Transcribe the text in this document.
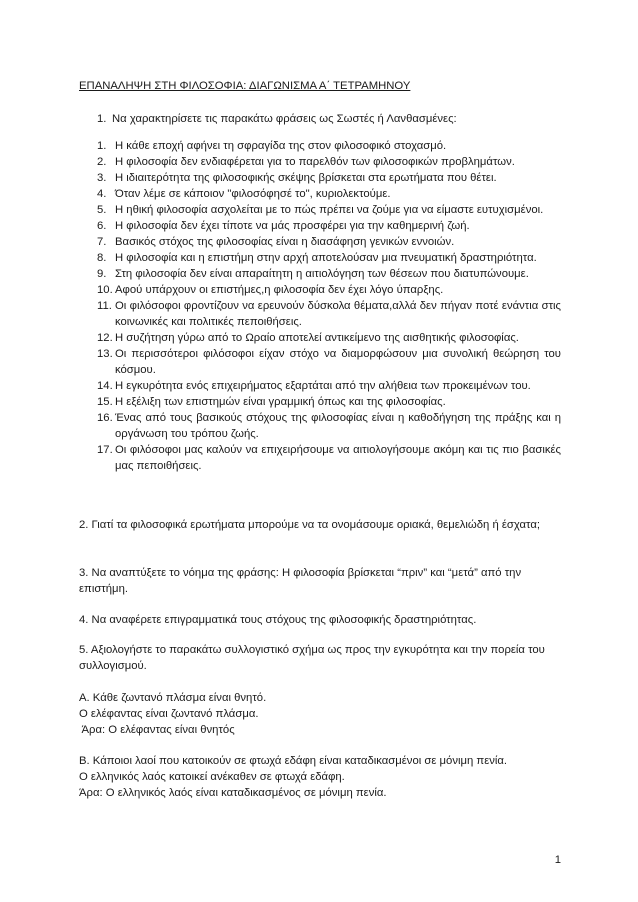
ΕΠΑΝΑΛΗΨΗ ΣΤΗ ΦΙΛΟΣΟΦΙΑ: ΔΙΑΓΩΝΙΣΜΑ Α΄ ΤΕΤΡΑΜΗΝΟΥ
1. Να χαρακτηρίσετε τις παρακάτω φράσεις ως Σωστές ή Λανθασμένες:
1. Η κάθε εποχή αφήνει τη σφραγίδα της στον φιλοσοφικό στοχασμό.
2. Η φιλοσοφία δεν ενδιαφέρεται για το παρελθόν των φιλοσοφικών προβλημάτων.
3. Η ιδιαιτερότητα της φιλοσοφικής σκέψης βρίσκεται στα ερωτήματα που θέτει.
4. Όταν λέμε σε κάποιον "φιλοσόφησέ το", κυριολεκτούμε.
5. Η ηθική φιλοσοφία ασχολείται με το πώς πρέπει να ζούμε για να είμαστε ευτυχισμένοι.
6. Η φιλοσοφία δεν έχει τίποτε να μάς προσφέρει για την καθημερινή ζωή.
7. Βασικός στόχος της φιλοσοφίας είναι η διασάφηση γενικών εννοιών.
8. Η φιλοσοφία και η επιστήμη στην αρχή αποτελούσαν μια πνευματική δραστηριότητα.
9. Στη φιλοσοφία δεν είναι απαραίτητη η αιτιολόγηση των θέσεων που διατυπώνουμε.
10. Αφού υπάρχουν οι επιστήμες,η φιλοσοφία δεν έχει λόγο ύπαρξης.
11. Οι φιλόσοφοι φροντίζουν να ερευνούν δύσκολα θέματα,αλλά δεν πήγαν ποτέ ενάντια στις κοινωνικές και πολιτικές πεποιθήσεις.
12. Η συζήτηση γύρω από το Ωραίο αποτελεί αντικείμενο της αισθητικής φιλοσοφίας.
13. Οι περισσότεροι φιλόσοφοι είχαν στόχο να διαμορφώσουν μια συνολική θεώρηση του κόσμου.
14. Η εγκυρότητα ενός επιχειρήματος εξαρτάται από την αλήθεια των προκειμένων του.
15. Η εξέλιξη των επιστημών είναι γραμμική όπως και της φιλοσοφίας.
16. Ένας από τους βασικούς στόχους της φιλοσοφίας είναι η καθοδήγηση της πράξης και η οργάνωση του τρόπου ζωής.
17. Οι φιλόσοφοι μας καλούν να επιχειρήσουμε να αιτιολογήσουμε ακόμη και τις πιο βασικές μας πεποιθήσεις.

2. Γιατί τα φιλοσοφικά ερωτήματα μπορούμε να τα ονομάσουμε οριακά, θεμελιώδη ή έσχατα;

3. Να αναπτύξετε το νόημα της φράσης: Η φιλοσοφία βρίσκεται “πριν” και “μετά” από την επιστήμη.

4. Να αναφέρετε επιγραμματικά τους στόχους της φιλοσοφικής δραστηριότητας.

5. Αξιολογήστε το παρακάτω συλλογιστικό σχήμα ως προς την εγκυρότητα και την πορεία του συλλογισμού.

Α. Κάθε ζωντανό πλάσμα είναι θνητό.

Ο ελέφαντας είναι ζωντανό πλάσμα.

Άρα: Ο ελέφαντας είναι θνητός

Β. Κάποιοι λαοί που κατοικούν σε φτωχά εδάφη είναι καταδικασμένοι σε μόνιμη πενία.

Ο ελληνικός λαός κατοικεί ανέκαθεν σε φτωχά εδάφη.

Άρα: Ο ελληνικός λαός είναι καταδικασμένος σε μόνιμη πενία.

1
